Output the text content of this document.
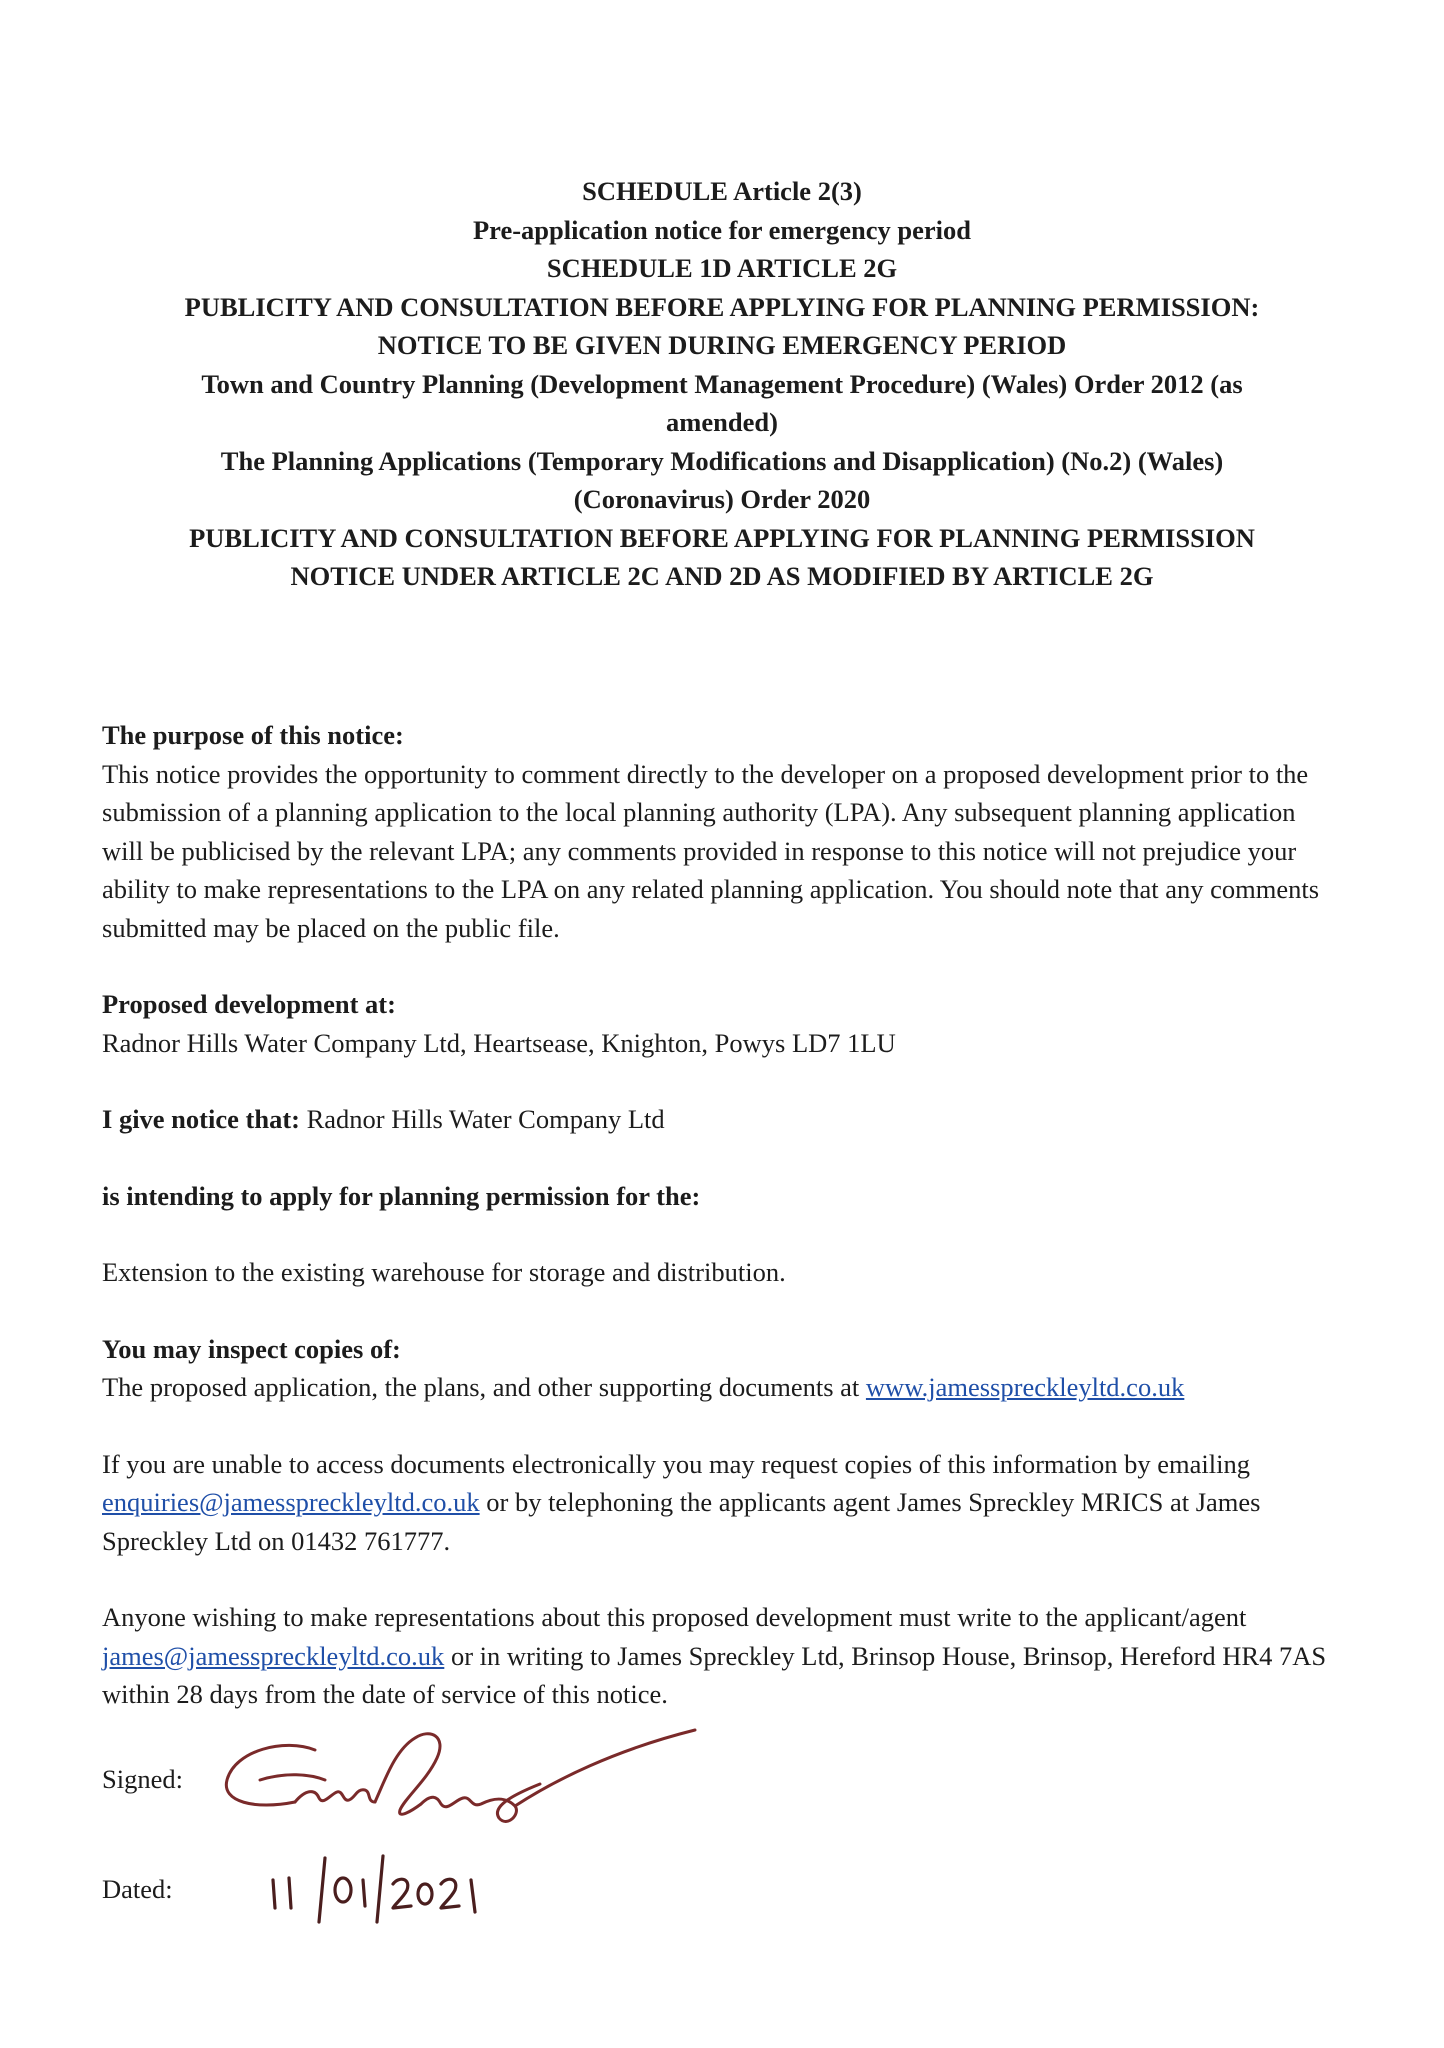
SCHEDULE Article 2(3)
Pre-application notice for emergency period
SCHEDULE 1D ARTICLE 2G
PUBLICITY AND CONSULTATION BEFORE APPLYING FOR PLANNING PERMISSION:
NOTICE TO BE GIVEN DURING EMERGENCY PERIOD
Town and Country Planning (Development Management Procedure) (Wales) Order 2012 (as
amended)
The Planning Applications (Temporary Modifications and Disapplication) (No.2) (Wales)
(Coronavirus) Order 2020
PUBLICITY AND CONSULTATION BEFORE APPLYING FOR PLANNING PERMISSION
NOTICE UNDER ARTICLE 2C AND 2D AS MODIFIED BY ARTICLE 2G

The purpose of this notice:
This notice provides the opportunity to comment directly to the developer on a proposed development prior to the submission of a planning application to the local planning authority (LPA). Any subsequent planning application will be publicised by the relevant LPA; any comments provided in response to this notice will not prejudice your ability to make representations to the LPA on any related planning application. You should note that any comments submitted may be placed on the public file.

Proposed development at:
Radnor Hills Water Company Ltd, Heartsease, Knighton, Powys LD7 1LU

I give notice that: Radnor Hills Water Company Ltd

is intending to apply for planning permission for the:

Extension to the existing warehouse for storage and distribution.

You may inspect copies of:
The proposed application, the plans, and other supporting documents at www.jamesspreckleyltd.co.uk

If you are unable to access documents electronically you may request copies of this information by emailing enquiries@jamesspreckleyltd.co.uk or by telephoning the applicants agent James Spreckley MRICS at James Spreckley Ltd on 01432 761777.

Anyone wishing to make representations about this proposed development must write to the applicant/agent james@jamesspreckleyltd.co.uk or in writing to James Spreckley Ltd, Brinsop House, Brinsop, Hereford HR4 7AS within 28 days from the date of service of this notice.

Signed:
Dated:
